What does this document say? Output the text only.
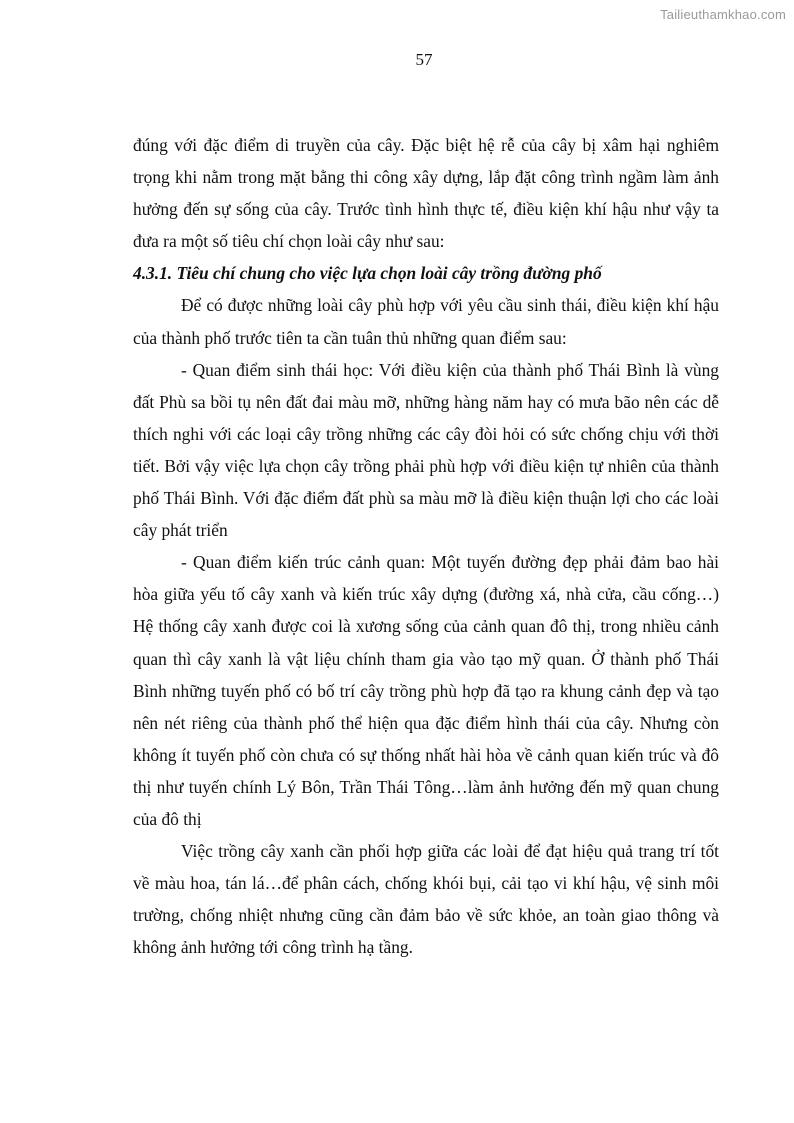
Tailieuthamkhao.com
57

đúng với đặc điểm di truyền của cây. Đặc biệt hệ rễ của cây bị xâm hại nghiêm trọng khi nằm trong mặt bằng thi công xây dựng, lắp đặt công trình ngầm làm ảnh hưởng đến sự sống của cây. Trước tình hình thực tế, điều kiện khí hậu như vậy ta đưa ra một số tiêu chí chọn loài cây như sau:

4.3.1. Tiêu chí chung cho việc lựa chọn loài cây trồng đường phố

Để có được những loài cây phù hợp với yêu cầu sinh thái, điều kiện khí hậu của thành phố trước tiên ta cần tuân thủ những quan điểm sau:

- Quan điểm sinh thái học: Với điều kiện của thành phố Thái Bình là vùng đất Phù sa bồi tụ nên đất đai màu mỡ, những hàng năm hay có mưa bão nên các dễ thích nghi với các loại cây trồng những các cây đòi hỏi có sức chống chịu với thời tiết. Bởi vậy việc lựa chọn cây trồng phải phù hợp với điều kiện tự nhiên của thành phố Thái Bình. Với đặc điểm đất phù sa màu mỡ là điều kiện thuận lợi cho các loài cây phát triển

- Quan điểm kiến trúc cảnh quan: Một tuyến đường đẹp phải đảm bao hài hòa giữa yếu tố cây xanh và kiến trúc xây dựng (đường xá, nhà cửa, cầu cống…) Hệ thống cây xanh được coi là xương sống của cảnh quan đô thị, trong nhiều cảnh quan thì cây xanh là vật liệu chính tham gia vào tạo mỹ quan. Ở thành phố Thái Bình những tuyến phố có bố trí cây trồng phù hợp đã tạo ra khung cảnh đẹp và tạo nên nét riêng của thành phố thể hiện qua đặc điểm hình thái của cây. Nhưng còn không ít tuyến phố còn chưa có sự thống nhất hài hòa về cảnh quan kiến trúc và đô thị như tuyến chính Lý Bôn, Trần Thái Tông…làm ảnh hưởng đến mỹ quan chung của đô thị

Việc trồng cây xanh cần phối hợp giữa các loài để đạt hiệu quả trang trí tốt về màu hoa, tán lá…để phân cách, chống khói bụi, cải tạo vi khí hậu, vệ sinh môi trường, chống nhiệt nhưng cũng cần đảm bảo về sức khỏe, an toàn giao thông và không ảnh hưởng tới công trình hạ tầng.
